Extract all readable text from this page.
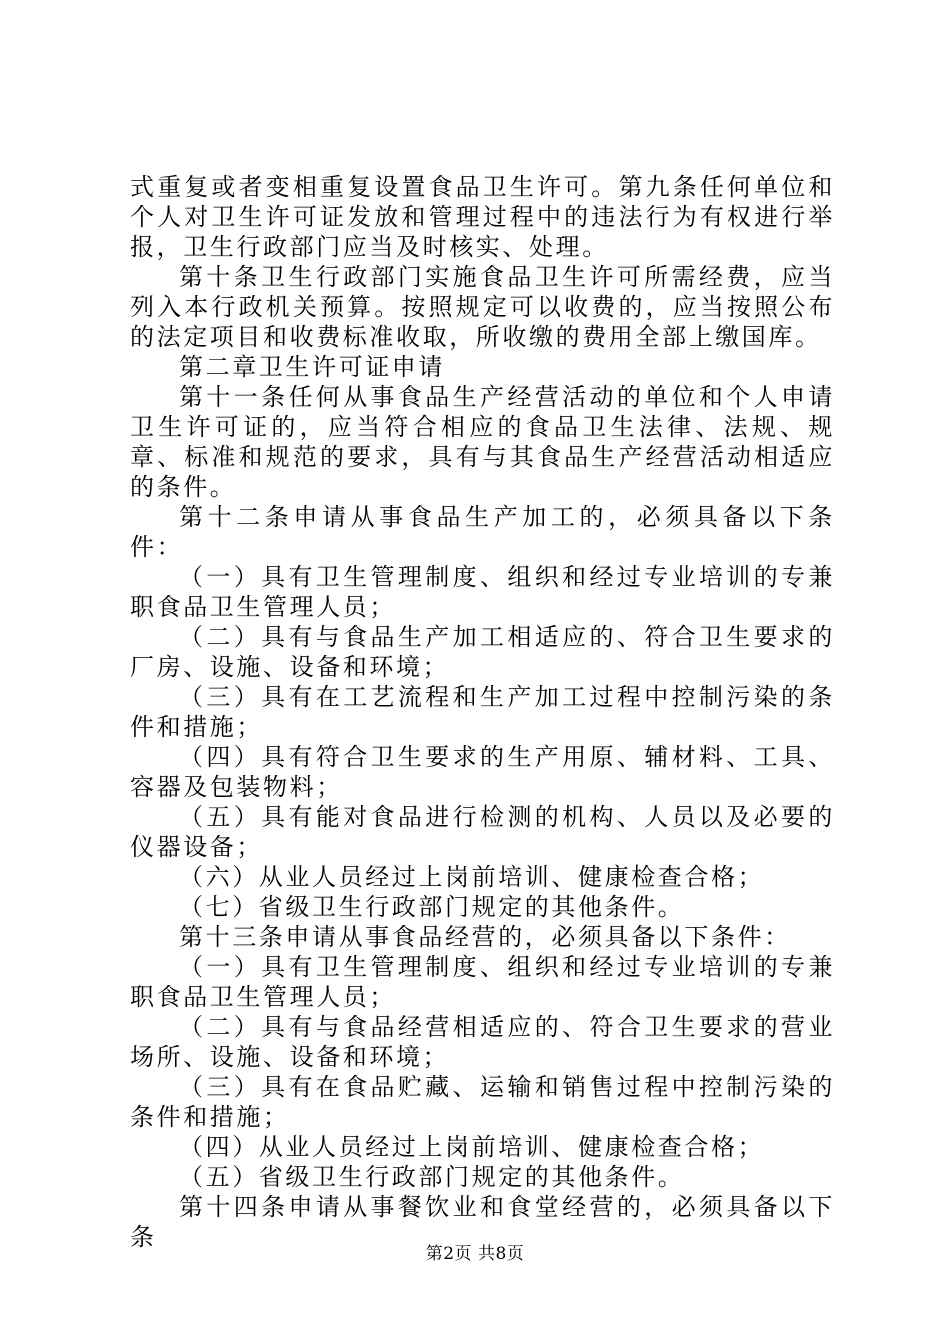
式重复或者变相重复设置食品卫生许可。第九条任何单位和个人对卫生许可证发放和管理过程中的违法行为有权进行举报，卫生行政部门应当及时核实、处理。

第十条卫生行政部门实施食品卫生许可所需经费，应当列入本行政机关预算。按照规定可以收费的，应当按照公布的法定项目和收费标准收取，所收缴的费用全部上缴国库。

第二章卫生许可证申请

第十一条任何从事食品生产经营活动的单位和个人申请卫生许可证的，应当符合相应的食品卫生法律、法规、规章、标准和规范的要求，具有与其食品生产经营活动相适应的条件。

第十二条申请从事食品生产加工的，必须具备以下条件：

（一）具有卫生管理制度、组织和经过专业培训的专兼职食品卫生管理人员；

（二）具有与食品生产加工相适应的、符合卫生要求的厂房、设施、设备和环境；

（三）具有在工艺流程和生产加工过程中控制污染的条件和措施；

（四）具有符合卫生要求的生产用原、辅材料、工具、容器及包装物料；

（五）具有能对食品进行检测的机构、人员以及必要的仪器设备；

（六）从业人员经过上岗前培训、健康检查合格；

（七）省级卫生行政部门规定的其他条件。

第十三条申请从事食品经营的，必须具备以下条件：

（一）具有卫生管理制度、组织和经过专业培训的专兼职食品卫生管理人员；

（二）具有与食品经营相适应的、符合卫生要求的营业场所、设施、设备和环境；

（三）具有在食品贮藏、运输和销售过程中控制污染的条件和措施；

（四）从业人员经过上岗前培训、健康检查合格；

（五）省级卫生行政部门规定的其他条件。

第十四条申请从事餐饮业和食堂经营的，必须具备以下条

第2页 共8页
